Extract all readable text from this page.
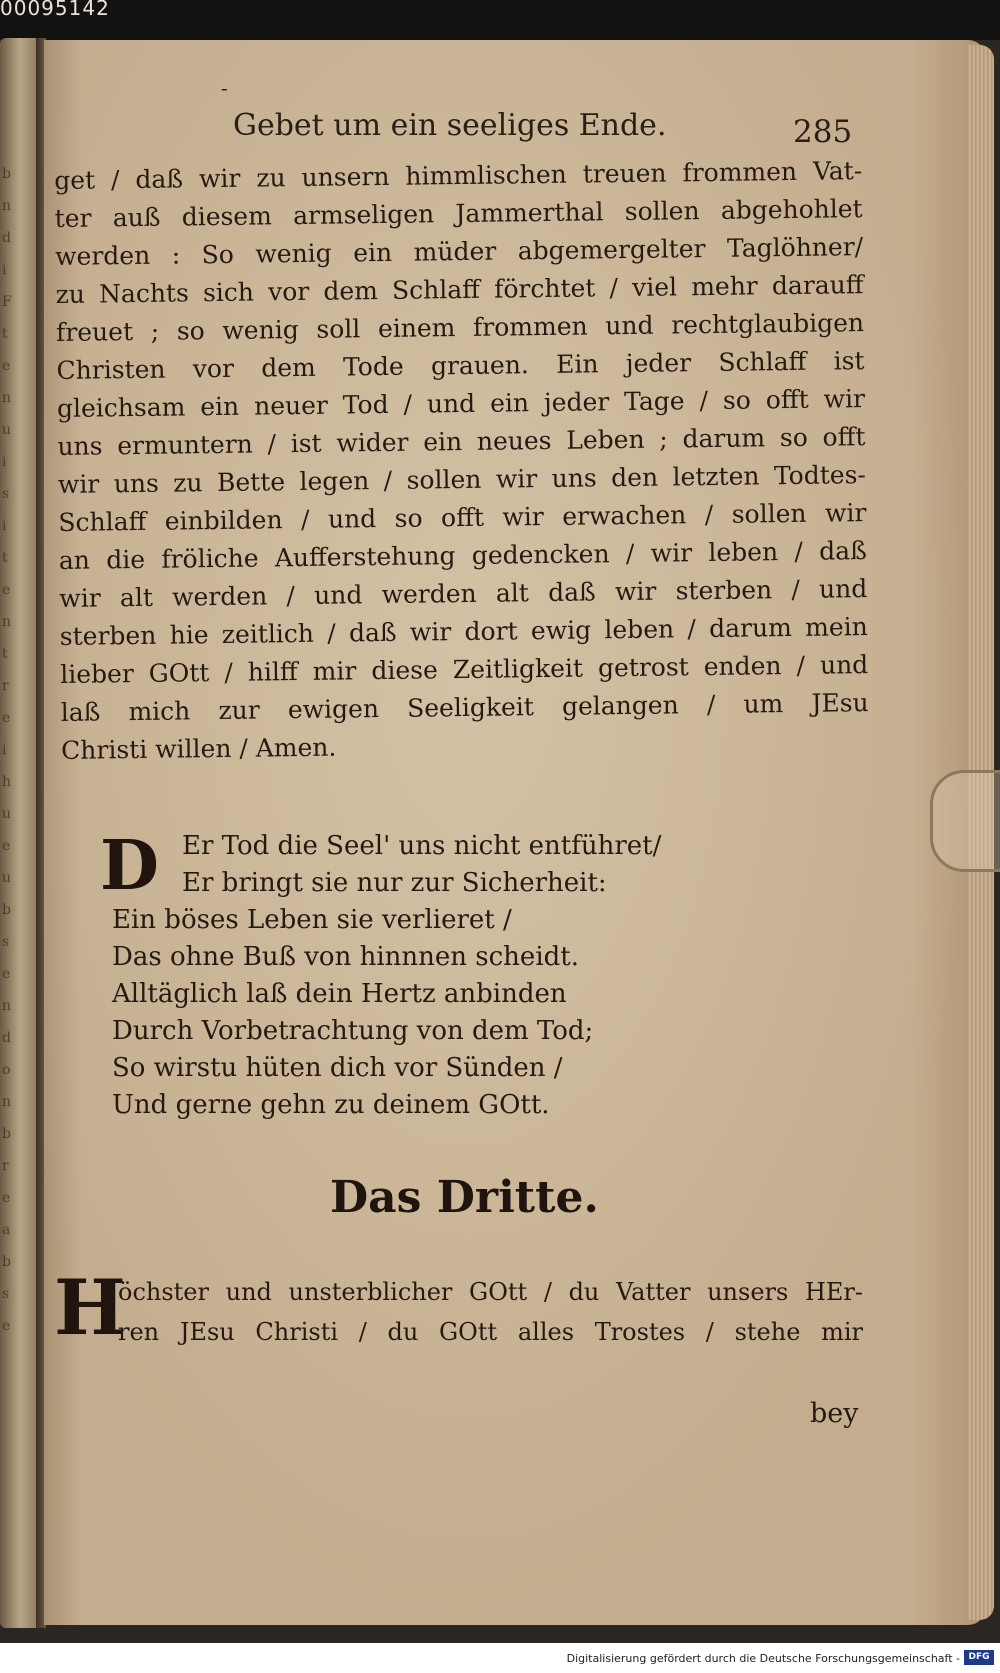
00095142
b
n
d
i
F
t
e
n
u
i
s
i
t
e
n
t
r
e
i
h
u
e
u
b
s
e
n
d
o
n
b
r
e
a
b
s
e
-
Gebet um ein seeliges Ende.	285
get / daß wir zu unsern himmlischen treuen frommen Vat-
ter auß diesem armseligen Jammerthal sollen abgehohlet
werden : So wenig ein müder abgemergelter Taglöhner/
zu Nachts sich vor dem Schlaff förchtet / viel mehr darauff
freuet ; so wenig soll einem frommen und rechtglaubigen
Christen vor dem Tode grauen. Ein jeder Schlaff ist
gleichsam ein neuer Tod / und ein jeder Tage / so offt wir
uns ermuntern / ist wider ein neues Leben ; darum so offt
wir uns zu Bette legen / sollen wir uns den letzten Todtes-
Schlaff einbilden / und so offt wir erwachen / sollen wir
an die fröliche Aufferstehung gedencken / wir leben / daß
wir alt werden / und werden alt daß wir sterben / und
sterben hie zeitlich / daß wir dort ewig leben / darum mein
lieber GOtt / hilff mir diese Zeitligkeit getrost enden / und
laß mich zur ewigen Seeligkeit gelangen / um JEsu
Christi willen / Amen.
D Er Tod die Seel' uns nicht entführet/
Er bringt sie nur zur Sicherheit:
Ein böses Leben sie verlieret /
Das ohne Buß von hinnnen scheidt.
Alltäglich laß dein Hertz anbinden
Durch Vorbetrachtung von dem Tod;
So wirstu hüten dich vor Sünden /
Und gerne gehn zu deinem GOtt.
Das Dritte.
H
öchster und unsterblicher GOtt / du Vatter unsers HEr-
ren JEsu Christi / du GOtt alles Trostes / stehe mir
bey
Digitalisierung gefördert durch die Deutsche Forschungsgemeinschaft - DFG
